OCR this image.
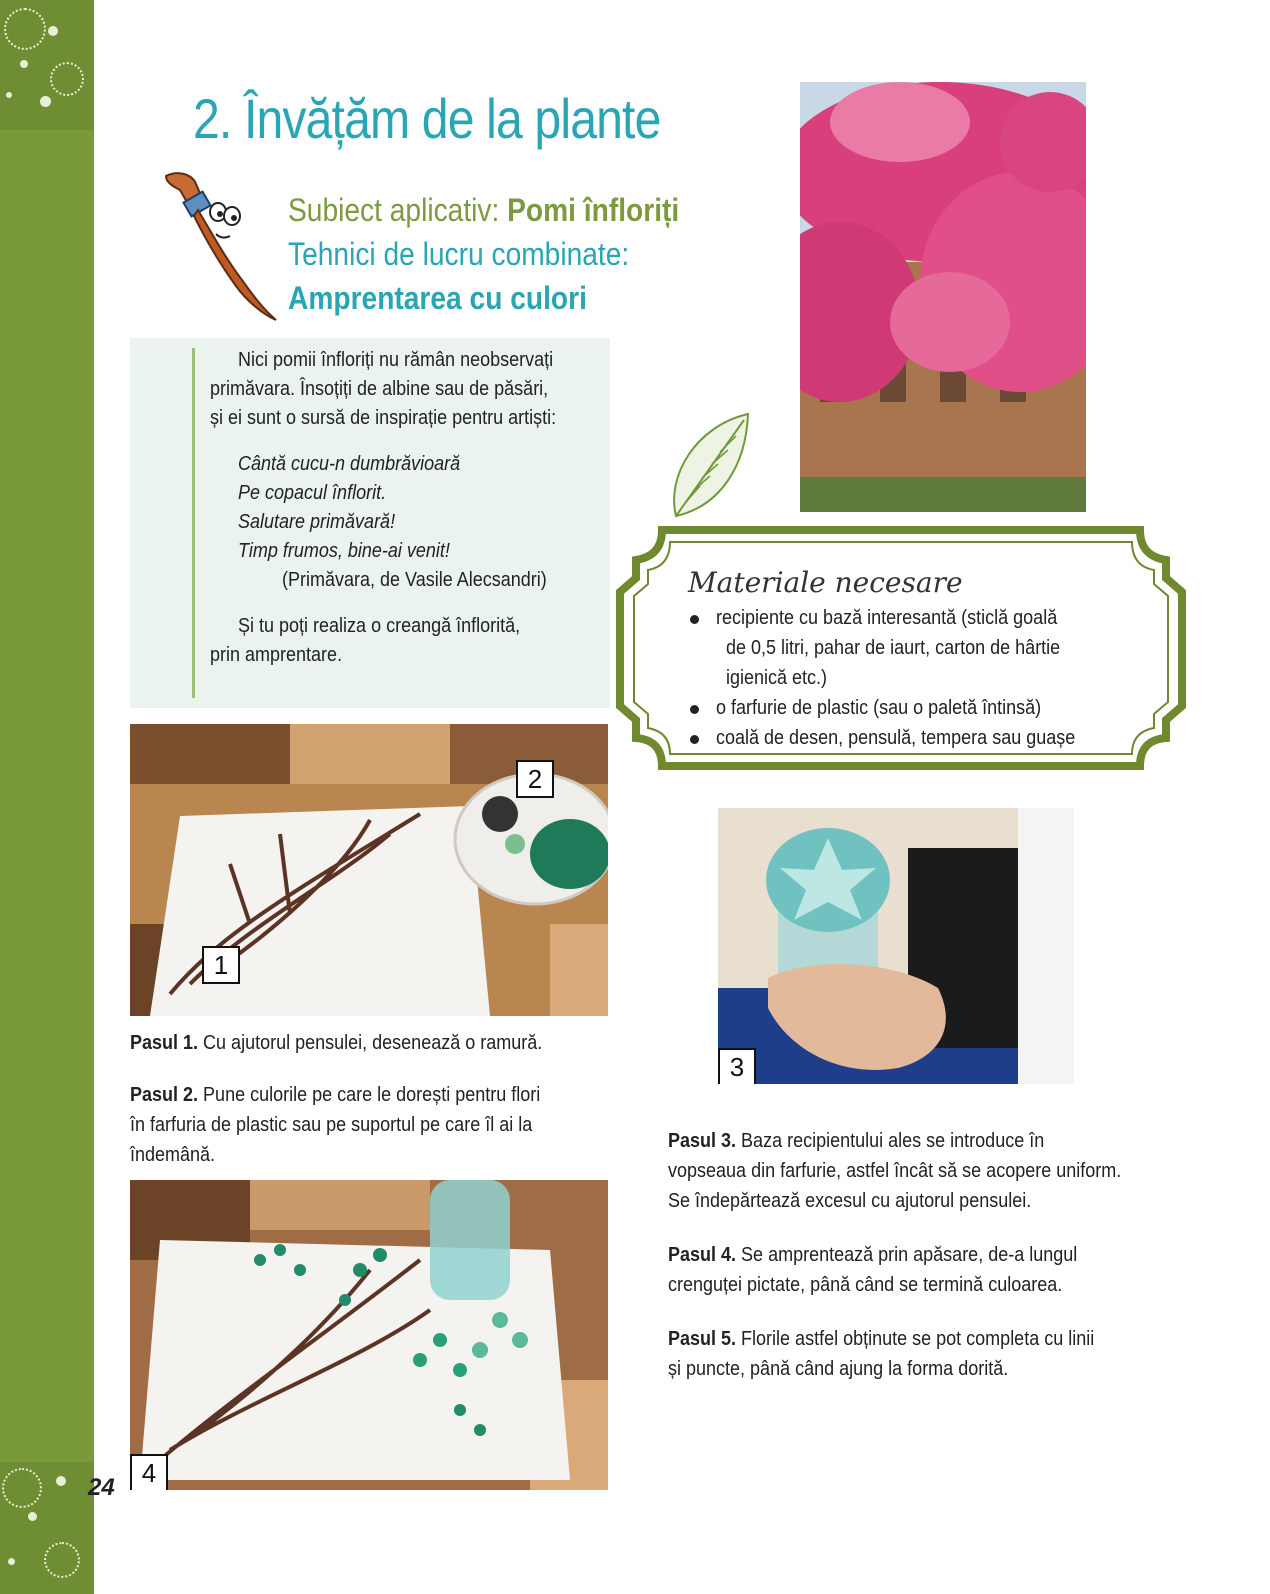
2. Învățăm de la plante
Subiect aplicativ: Pomi înfloriți
Tehnici de lucru combinate:
Amprentarea cu culori
Nici pomii înfloriți nu rămân neobservați
primăvara. Însoțiți de albine sau de păsări,
și ei sunt o sursă de inspirație pentru artiști:
Cântă cucu-n dumbrăvioară
Pe copacul înflorit.
Salutare primăvară!
Timp frumos, bine-ai venit!
(Primăvara, de Vasile Alecsandri)
Și tu poți realiza o creangă înflorită,
prin amprentare.
Materiale necesare
recipiente cu bază interesantă (sticlă goală
de 0,5 litri, pahar de iaurt, carton de hârtie
igienică etc.)
o farfurie de plastic (sau o paletă întinsă)
coală de desen, pensulă, tempera sau guașe
1
2
3
4
Pasul 1. Cu ajutorul pensulei, desenează o ramură.
Pasul 2. Pune culorile pe care le dorești pentru flori
în farfuria de plastic sau pe suportul pe care îl ai la
îndemână.
Pasul 3. Baza recipientului ales se introduce în
vopseaua din farfurie, astfel încât să se acopere uniform.
Se îndepărtează excesul cu ajutorul pensulei.
Pasul 4. Se amprentează prin apăsare, de-a lungul
crenguței pictate, până când se termină culoarea.
Pasul 5. Florile astfel obținute se pot completa cu linii
și puncte, până când ajung la forma dorită.
24
